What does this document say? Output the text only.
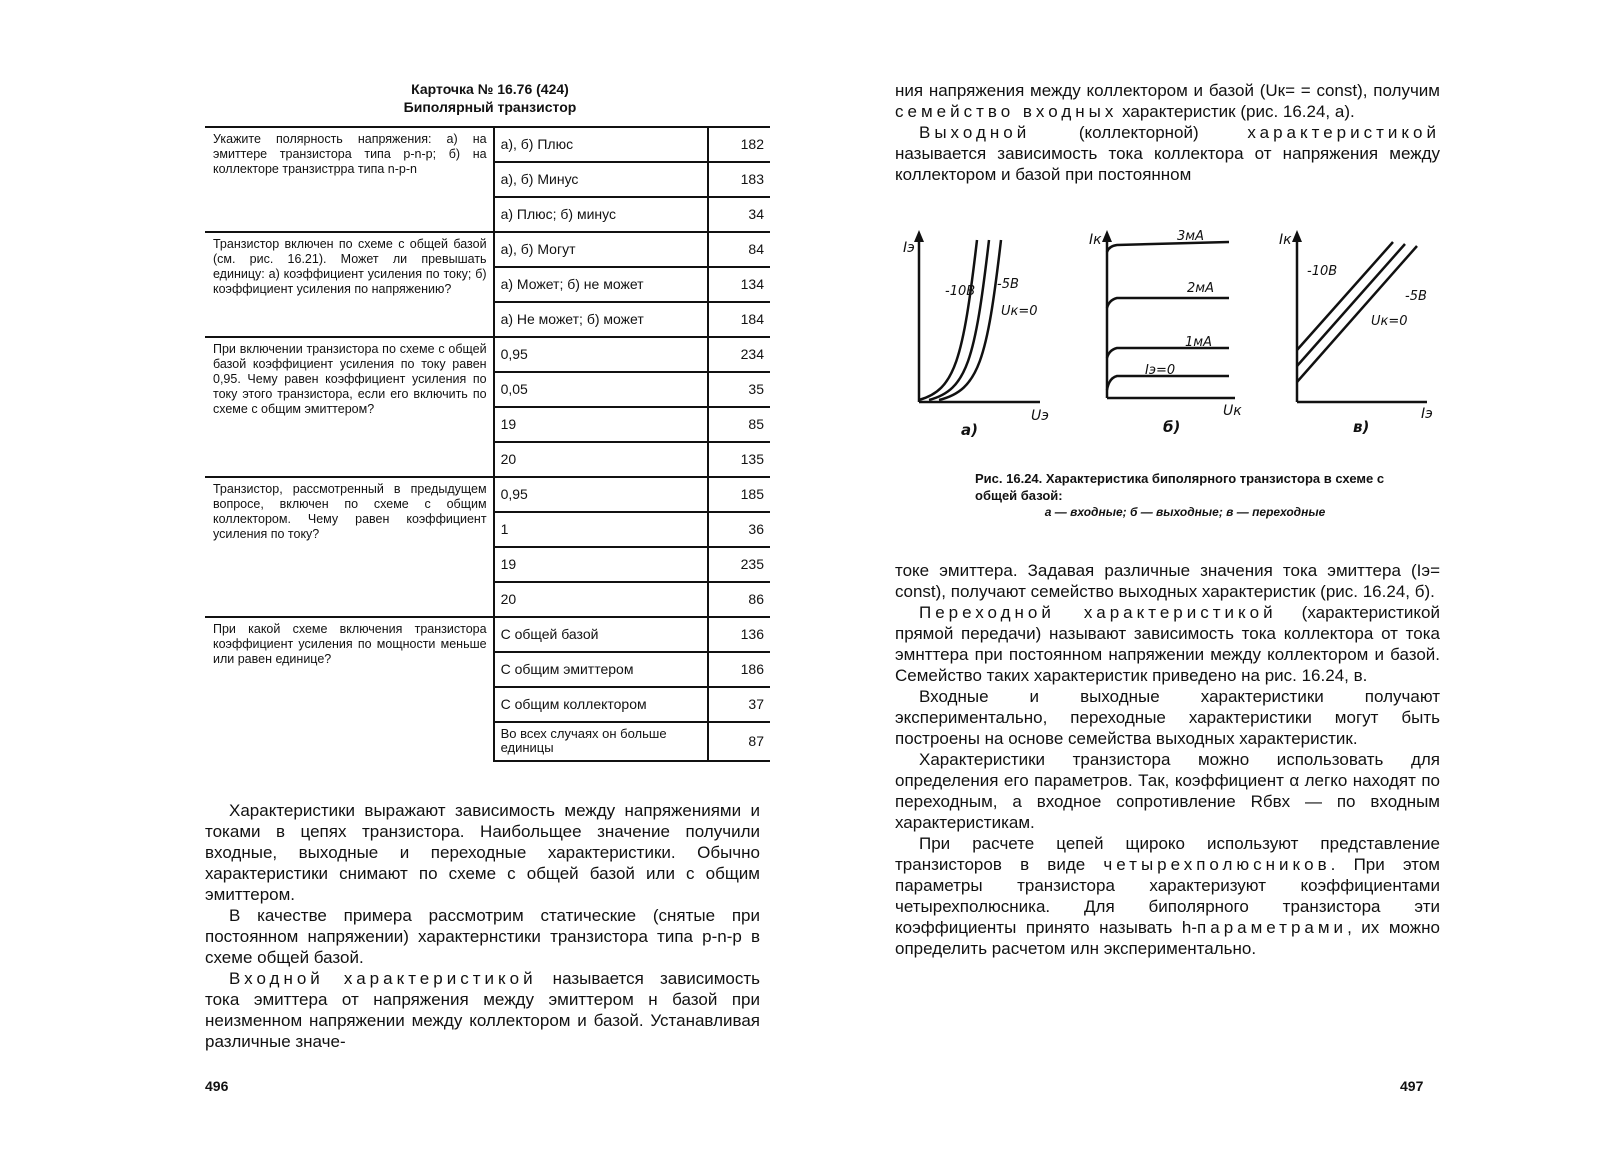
Карточка № 16.76 (424)
Биполярный транзистор
Укажите полярность напряжения: а) на эмиттере транзистора типа p-n-p; б) на коллекторе транзистрра типа n-p-n	а), б) Плюс	182
	а), б) Минус	183
	а) Плюс; б) минус	34
Транзистор включен по схеме с общей базой (см. рис. 16.21). Может ли превышать единицу: а) коэффициент усиления по току; б) коэффициент усиления по напряжению?	а), б) Могут	84
	а) Может; б) не может	134
	а) Не может; б) может	184
При включении транзистора по схеме с общей базой коэффициент усиления по току равен 0,95. Чему равен коэффициент усиления по току этого транзистора, если его включить по схеме с общим эмиттером?	0,95	234
	0,05	35
	19	85
	20	135
Транзистор, рассмотренный в предыдущем вопросе, включен по схеме с общим коллектором. Чему равен коэффициент усиления по току?	0,95	185
	1	36
	19	235
	20	86
При какой схеме включения транзистора коэффициент усиления по мощности меньше или равен единице?	С общей базой	136
	С общим эмиттером	186
	С общим коллектором	37
	Во всех случаях он больше единицы	87

Характеристики выражают зависимость между напряжениями и токами в цепях транзистора. Наибольщее значение получили входные, выходные и переходные характеристики. Обычно характеристики снимают по схеме с общей базой или с общим эмиттером.

В качестве примера рассмотрим статические (снятые при постоянном напряжении) характернстики транзистора типа p-n-p в схеме общей базой.

Входной характеристикой называется зависимость тока эмиттера от напряжения между эмиттером н базой при неизменном напряжении между коллектором и базой. Устанавливая различные значе-

496

ния напряжения между коллектором и базой (Uк= = const), получим семейство входных характеристик (рис. 16.24, а).

Выходной (коллекторной) характеристикой называется зависимость тока коллектора от напряжения между коллектором и базой при постоянном

Iэ
-10В -5В
Uк=0
Uэ
а)
Iк	3мА
2мА
1мА
Iэ=0
Uк
б)
Iк
-10В
-5В
Uк=0
Iэ
в)
Рис. 16.24. Характеристика биполярного транзистора в схеме с общей базой:
а — входные; б — выходные; в — переходные

токе эмиттера. Задавая различные значения тока эмиттера (Iэ= const), получают семейство выходных характеристик (рис. 16.24, б).

Переходной характеристикой (характеристикой прямой передачи) называют зависимость тока коллектора от тока эмнттера при постоянном напряжении между коллектором и базой. Семейство таких характеристик приведено на рис. 16.24, в.

Входные и выходные характеристики получают экспериментально, переходные характеристики могут быть построены на основе семейства выходных характеристик.

Характеристики транзистора можно использовать для определения его параметров. Так, коэффициент α легко находят по переходным, а входное сопротивление Rбвх — по входным характеристикам.

При расчете цепей щироко используют представление транзисторов в виде четырехполюсников. При этом параметры транзистора характеризуют коэффициентами четырехполюсника. Для биполярного транзистора эти коэффициенты принято называть h-параметрами, их можно определить расчетом илн экспериментально.

497
